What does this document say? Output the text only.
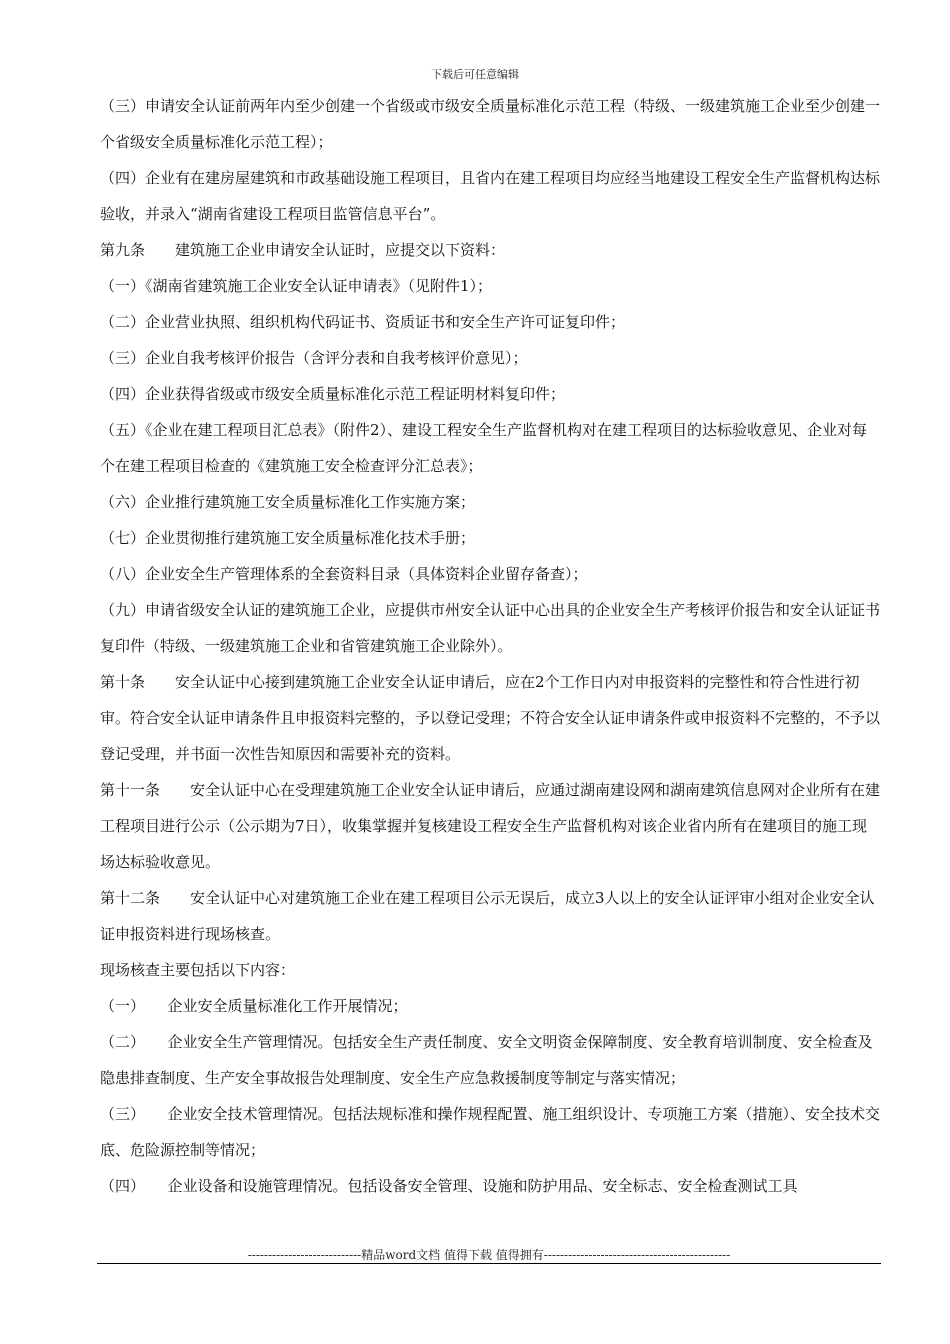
下载后可任意编辑

（三）申请安全认证前两年内至少创建一个省级或市级安全质量标准化示范工程（特级、一级建筑施工企业至少创建一个省级安全质量标准化示范工程）；

（四）企业有在建房屋建筑和市政基础设施工程项目，且省内在建工程项目均应经当地建设工程安全生产监督机构达标验收，并录入“湖南省建设工程项目监管信息平台”。

第九条　　建筑施工企业申请安全认证时，应提交以下资料：

（一）《湖南省建筑施工企业安全认证申请表》（见附件1）；

（二）企业营业执照、组织机构代码证书、资质证书和安全生产许可证复印件；

（三）企业自我考核评价报告（含评分表和自我考核评价意见）；

（四）企业获得省级或市级安全质量标准化示范工程证明材料复印件；

（五）《企业在建工程项目汇总表》（附件2）、建设工程安全生产监督机构对在建工程项目的达标验收意见、企业对每个在建工程项目检查的《建筑施工安全检查评分汇总表》；

（六）企业推行建筑施工安全质量标准化工作实施方案；

（七）企业贯彻推行建筑施工安全质量标准化技术手册；

（八）企业安全生产管理体系的全套资料目录（具体资料企业留存备查）；

（九）申请省级安全认证的建筑施工企业，应提供市州安全认证中心出具的企业安全生产考核评价报告和安全认证证书复印件（特级、一级建筑施工企业和省管建筑施工企业除外）。

第十条　　安全认证中心接到建筑施工企业安全认证申请后，应在2个工作日内对申报资料的完整性和符合性进行初审。符合安全认证申请条件且申报资料完整的，予以登记受理；不符合安全认证申请条件或申报资料不完整的，不予以登记受理，并书面一次性告知原因和需要补充的资料。

第十一条　　安全认证中心在受理建筑施工企业安全认证申请后，应通过湖南建设网和湖南建筑信息网对企业所有在建工程项目进行公示（公示期为7日），收集掌握并复核建设工程安全生产监督机构对该企业省内所有在建项目的施工现场达标验收意见。

第十二条　　安全认证中心对建筑施工企业在建工程项目公示无误后，成立3人以上的安全认证评审小组对企业安全认证申报资料进行现场核查。

现场核查主要包括以下内容：

（一）　　企业安全质量标准化工作开展情况；

（二）　　企业安全生产管理情况。包括安全生产责任制度、安全文明资金保障制度、安全教育培训制度、安全检查及隐患排查制度、生产安全事故报告处理制度、安全生产应急救援制度等制定与落实情况；

（三）　　企业安全技术管理情况。包括法规标准和操作规程配置、施工组织设计、专项施工方案（措施）、安全技术交底、危险源控制等情况；

（四）　　企业设备和设施管理情况。包括设备安全管理、设施和防护用品、安全标志、安全检查测试工具

----------------------------精品word文档 值得下载 值得拥有----------------------------------------------
